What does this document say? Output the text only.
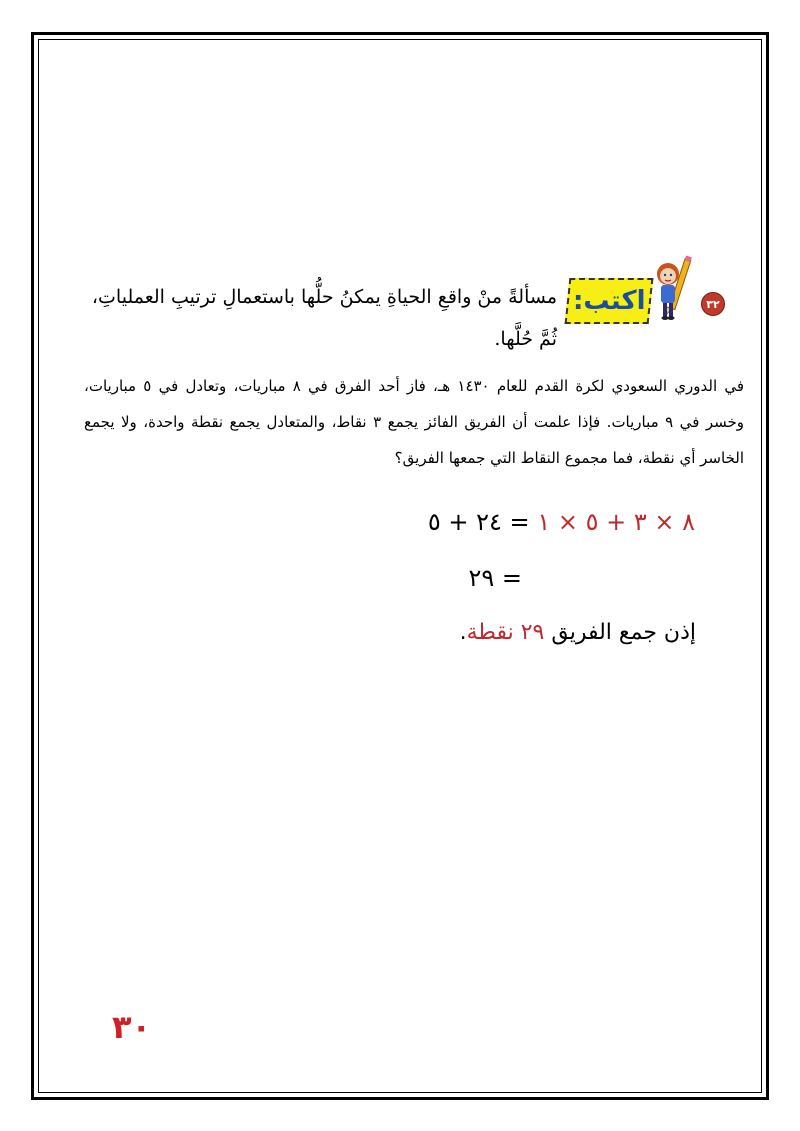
٣٢
اكتب:
مسألةً منْ واقعِ الحياةِ يمكنُ حلُّها باستعمالِ ترتيبِ العملياتِ،
ثُمَّ حُلَّها.
في الدوري السعودي لكرة القدم للعام ١٤٣٠ هـ، فاز أحد الفرق في ٨ مباريات، وتعادل في ٥ مباريات، وخسر في ٩ مباريات. فإذا علمت أن الفريق الفائز يجمع ٣ نقاط، والمتعادل يجمع نقطة واحدة، ولا يجمع الخاسر أي نقطة، فما مجموع النقاط التي جمعها الفريق؟
٨ × ٣ + ٥ × ١ = ٢٤ + ٥
= ٢٩
إذن جمع الفريق ٢٩ نقطة.
٣٠
